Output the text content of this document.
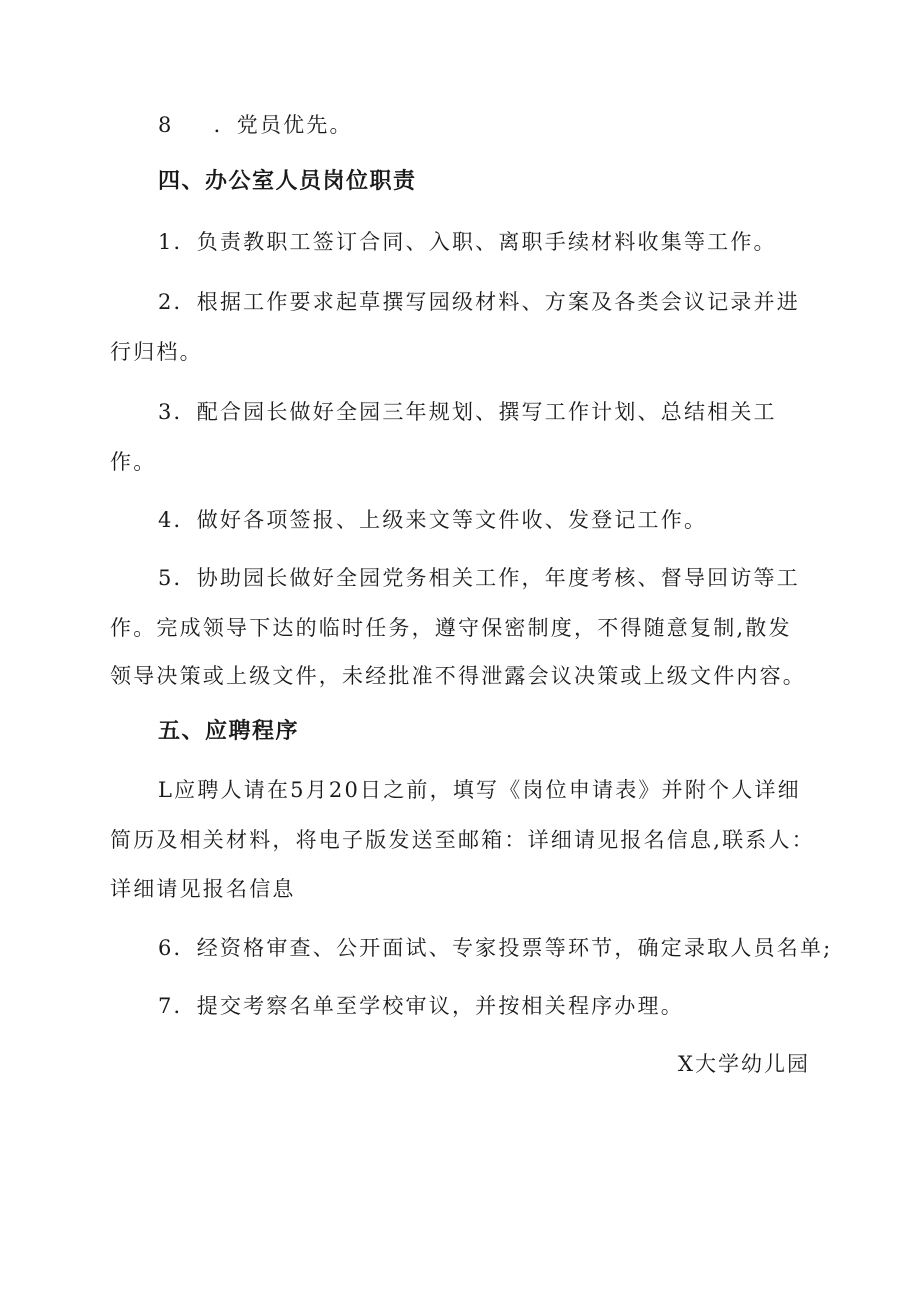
8 ．党员优先。
四、办公室人员岗位职责
1．负责教职工签订合同、入职、离职手续材料收集等工作。
2．根据工作要求起草撰写园级材料、方案及各类会议记录并进
行归档。
3．配合园长做好全园三年规划、撰写工作计划、总结相关工
作。
4．做好各项签报、上级来文等文件收、发登记工作。
5．协助园长做好全园党务相关工作，年度考核、督导回访等工
作。完成领导下达的临时任务，遵守保密制度，不得随意复制,散发
领导决策或上级文件，未经批准不得泄露会议决策或上级文件内容。
五、应聘程序
L应聘人请在5月20日之前，填写《岗位申请表》并附个人详细
简历及相关材料，将电子版发送至邮箱：详细请见报名信息,联系人：
详细请见报名信息
6．经资格审查、公开面试、专家投票等环节，确定录取人员名单;
7．提交考察名单至学校审议，并按相关程序办理。
X大学幼儿园
